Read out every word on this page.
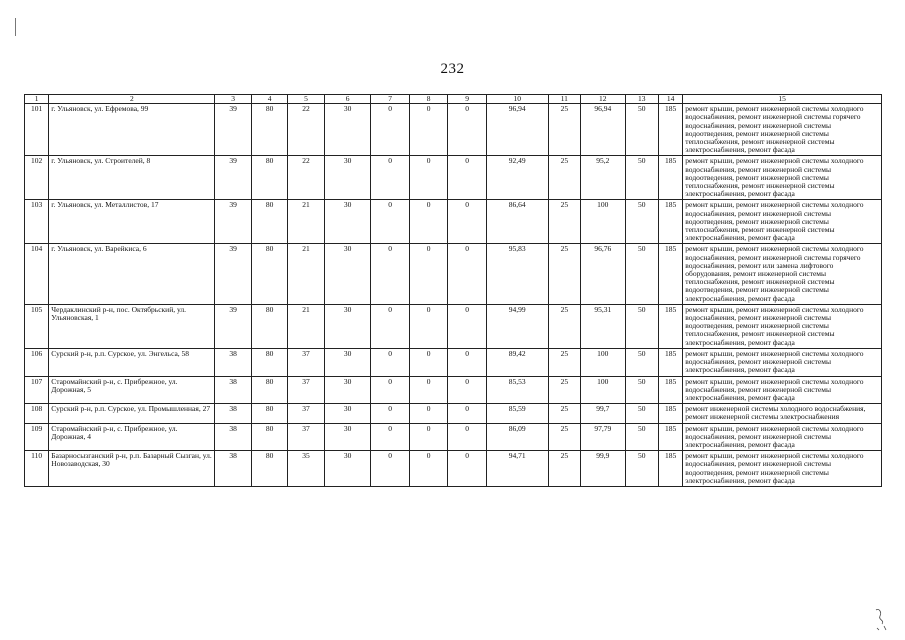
232
1	2	3	4	5	6	7	8	9	10	11	12	13	14	15
101	г. Ульяновск, ул. Ефремова, 99	39	80	22	30	0	0	0	96,94	25	96,94	50	185	ремонт крыши, ремонт инженерной системы холодного водоснабжения, ремонт инженерной системы горячего водоснабжения, ремонт инженерной системы водоотведения, ремонт инженерной системы теплоснабжения, ремонт инженерной системы электроснабжения, ремонт фасада
102	г. Ульяновск, ул. Строителей, 8	39	80	22	30	0	0	0	92,49	25	95,2	50	185	ремонт крыши, ремонт инженерной системы холодного водоснабжения, ремонт инженерной системы водоотведения, ремонт инженерной системы теплоснабжения, ремонт инженерной системы электроснабжения, ремонт фасада
103	г. Ульяновск, ул. Металлистов, 17	39	80	21	30	0	0	0	86,64	25	100	50	185	ремонт крыши, ремонт инженерной системы холодного водоснабжения, ремонт инженерной системы водоотведения, ремонт инженерной системы теплоснабжения, ремонт инженерной системы электроснабжения, ремонт фасада
104	г. Ульяновск, ул. Варейкиса, 6	39	80	21	30	0	0	0	95,83	25	96,76	50	185	ремонт крыши, ремонт инженерной системы холодного водоснабжения, ремонт инженерной системы горячего водоснабжения, ремонт или замена лифтового оборудования, ремонт инженерной системы теплоснабжения, ремонт инженерной системы водоотведения, ремонт инженерной системы электроснабжения, ремонт фасада
105	Чердаклинский р-н, пос. Октябрьский, ул. Ульяновская, 1	39	80	21	30	0	0	0	94,99	25	95,31	50	185	ремонт крыши, ремонт инженерной системы холодного водоснабжения, ремонт инженерной системы водоотведения, ремонт инженерной системы теплоснабжения, ремонт инженерной системы электроснабжения, ремонт фасада
106	Сурский р-н, р.п. Сурское, ул. Энгельса, 58	38	80	37	30	0	0	0	89,42	25	100	50	185	ремонт крыши, ремонт инженерной системы холодного водоснабжения, ремонт инженерной системы электроснабжения, ремонт фасада
107	Старомайнский р-н, с. Прибрежное, ул. Дорожная, 5	38	80	37	30	0	0	0	85,53	25	100	50	185	ремонт крыши, ремонт инженерной системы холодного водоснабжения, ремонт инженерной системы электроснабжения, ремонт фасада
108	Сурский р-н, р.п. Сурское, ул. Промышленная, 27	38	80	37	30	0	0	0	85,59	25	99,7	50	185	ремонт инженерной системы холодного водоснабжения, ремонт инженерной системы электроснабжения
109	Старомайнский р-н, с. Прибрежное, ул. Дорожная, 4	38	80	37	30	0	0	0	86,09	25	97,79	50	185	ремонт крыши, ремонт инженерной системы холодного водоснабжения, ремонт инженерной системы электроснабжения, ремонт фасада
110	Базарносызганский р-н, р.п. Базарный Сызган, ул. Новозаводская, 30	38	80	35	30	0	0	0	94,71	25	99,9	50	185	ремонт крыши, ремонт инженерной системы холодного водоснабжения, ремонт инженерной системы водоотведения, ремонт инженерной системы электроснабжения, ремонт фасада
